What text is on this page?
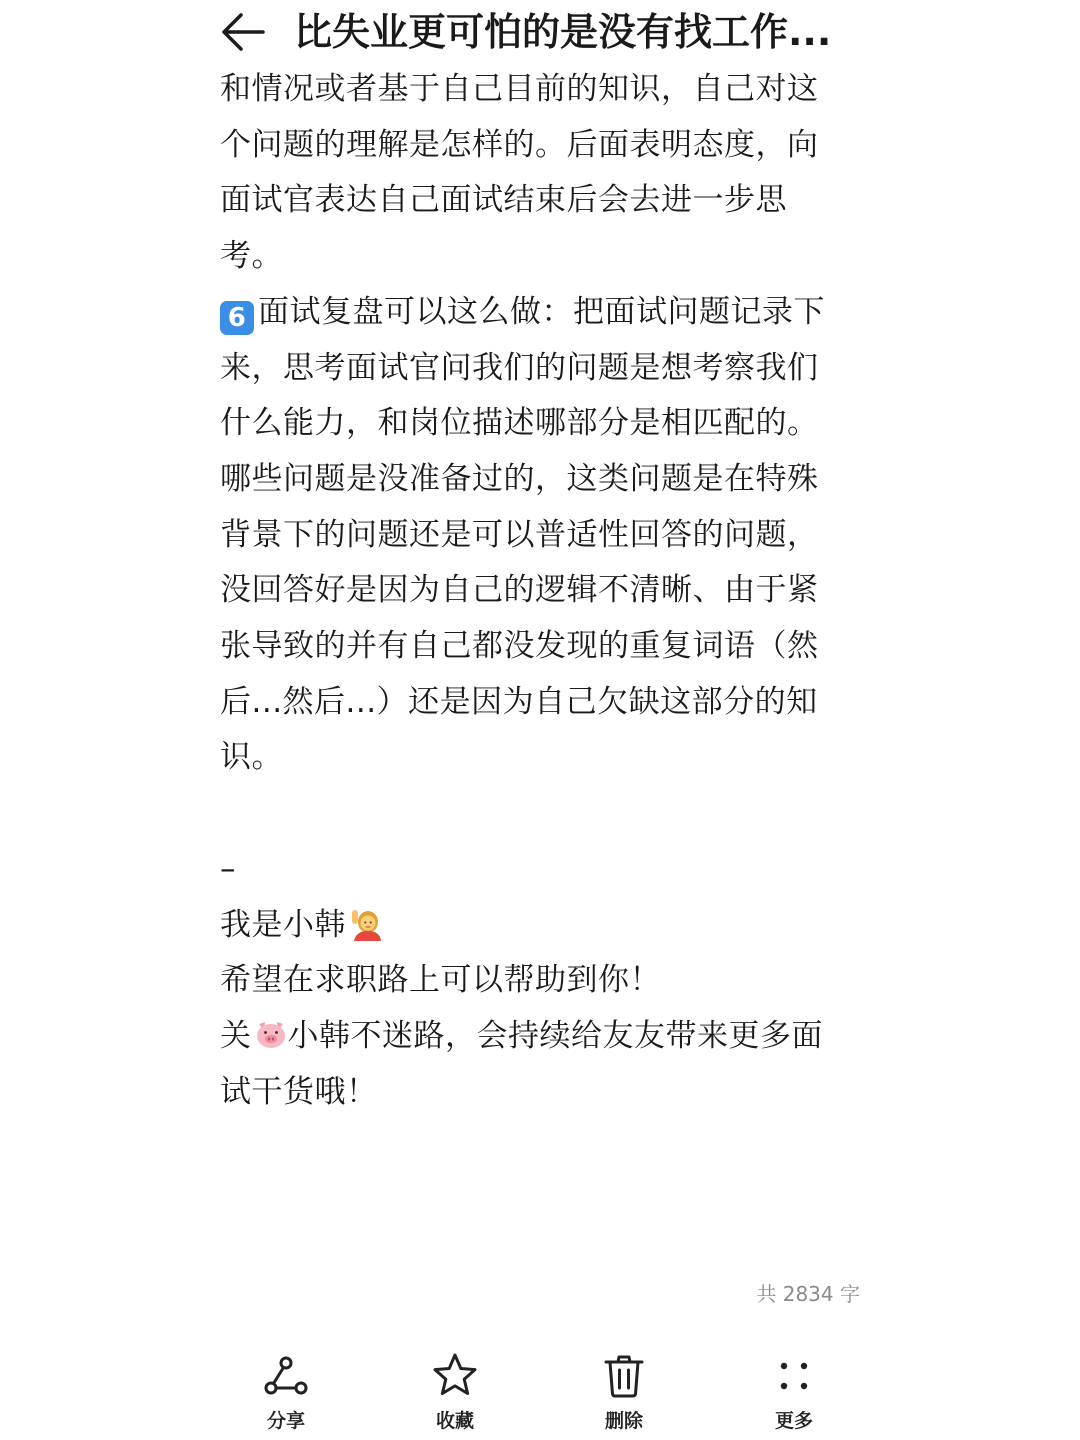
比失业更可怕的是没有找工作...

和情况或者基于自己目前的知识，自己对这

个问题的理解是怎样的。后面表明态度，向

面试官表达自己面试结束后会去进一步思

考。

6 面试复盘可以这么做：把面试问题记录下

来，思考面试官问我们的问题是想考察我们

什么能力，和岗位描述哪部分是相匹配的。

哪些问题是没准备过的，这类问题是在特殊

背景下的问题还是可以普适性回答的问题，

没回答好是因为自己的逻辑不清晰、由于紧

张导致的并有自己都没发现的重复词语（然

后...然后...）还是因为自己欠缺这部分的知

识。

–

我是小韩

希望在求职路上可以帮助到你！

关 小韩不迷路，会持续给友友带来更多面

试干货哦！

共 2834 字
分享	收藏	删除	更多
